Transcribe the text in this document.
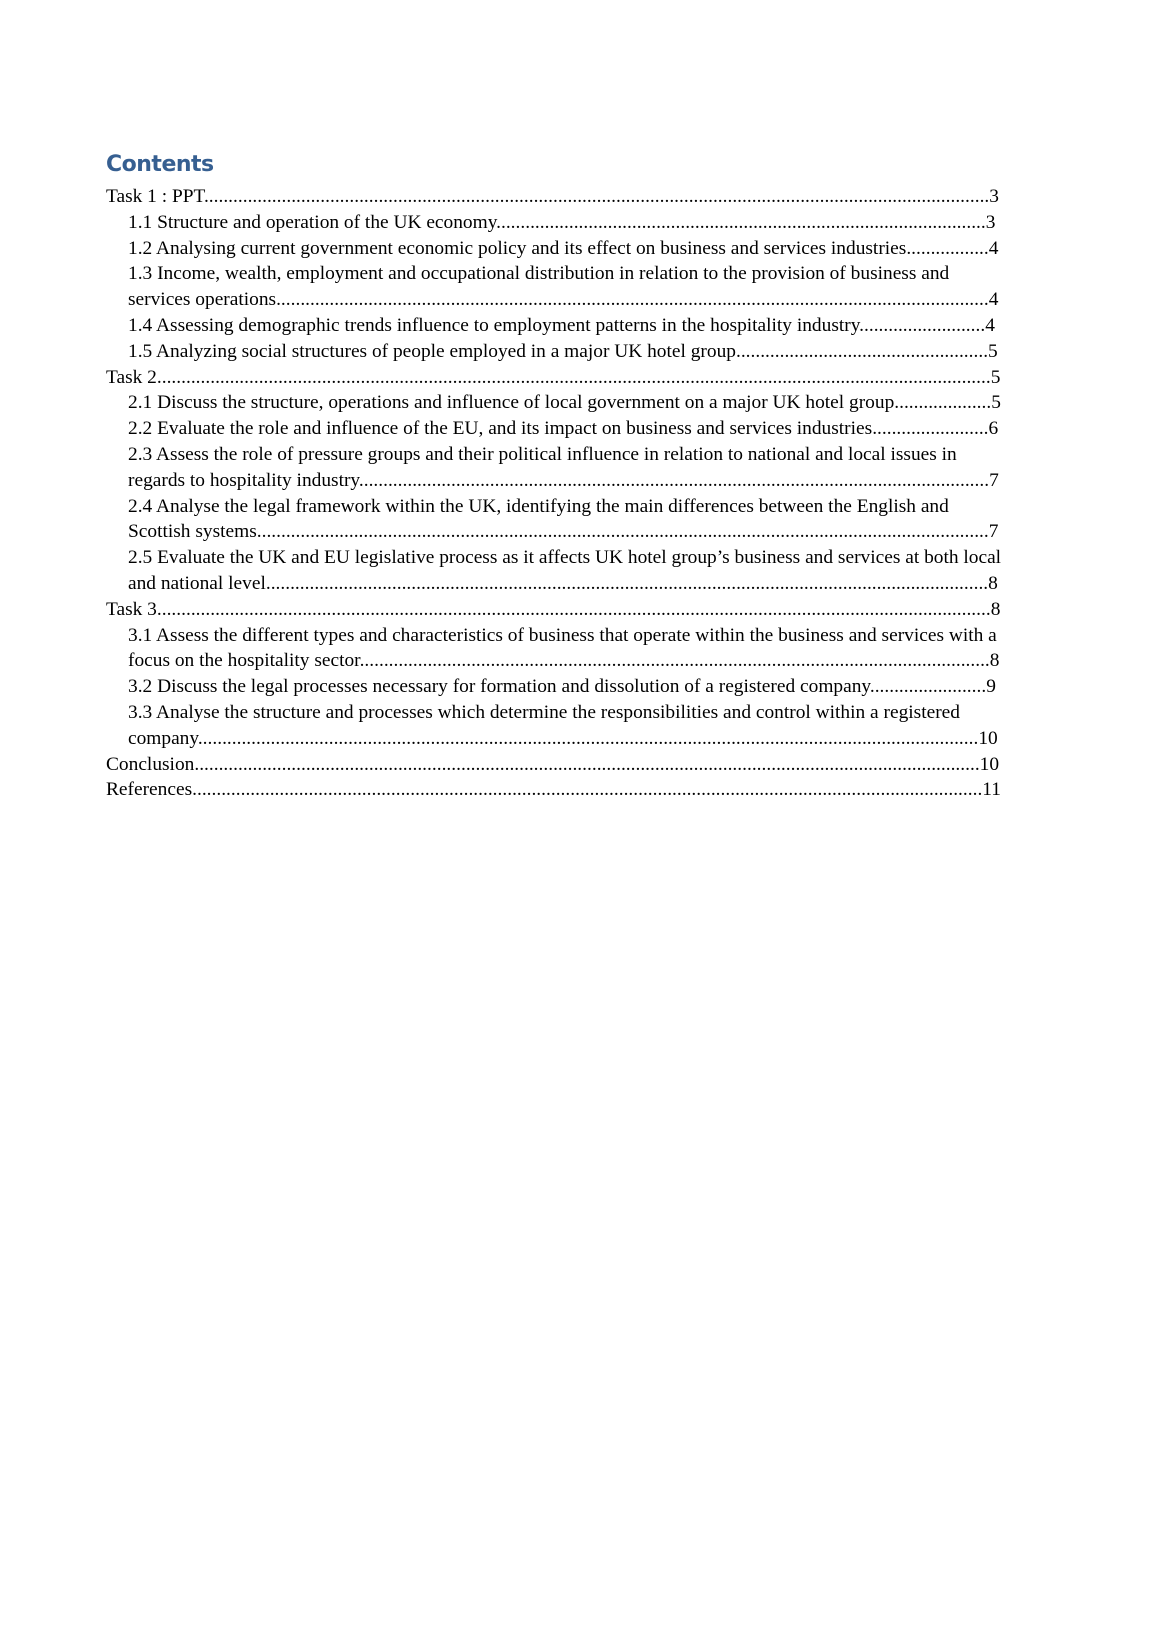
Contents
Task 1 : PPT..................................................................................................................................................................3
1.1 Structure and operation of the UK economy.....................................................................................................3
1.2 Analysing current government economic policy and its effect on business and services industries.................4
1.3 Income, wealth, employment and occupational distribution in relation to the provision of business and services operations...................................................................................................................................................4
1.4 Assessing demographic trends influence to employment patterns in the hospitality industry..........................4
1.5 Analyzing social structures of people employed in a major UK hotel group....................................................5
Task 2............................................................................................................................................................................5
2.1 Discuss the structure, operations and influence of local government on a major UK hotel group....................5
2.2 Evaluate the role and influence of the EU, and its impact on business and services industries........................6
2.3 Assess the role of pressure groups and their political influence in relation to national and local issues in regards to hospitality industry..................................................................................................................................7
2.4 Analyse the legal framework within the UK, identifying the main differences between the English and Scottish systems.......................................................................................................................................................7
2.5 Evaluate the UK and EU legislative process as it affects UK hotel group’s business and services at both local and national level.....................................................................................................................................................8
Task 3............................................................................................................................................................................8
3.1 Assess the different types and characteristics of business that operate within the business and services with a focus on the hospitality sector..................................................................................................................................8
3.2 Discuss the legal processes necessary for formation and dissolution of a registered company........................9
3.3 Analyse the structure and processes which determine the responsibilities and control within a registered company.................................................................................................................................................................10
Conclusion..................................................................................................................................................................10
References...................................................................................................................................................................11
